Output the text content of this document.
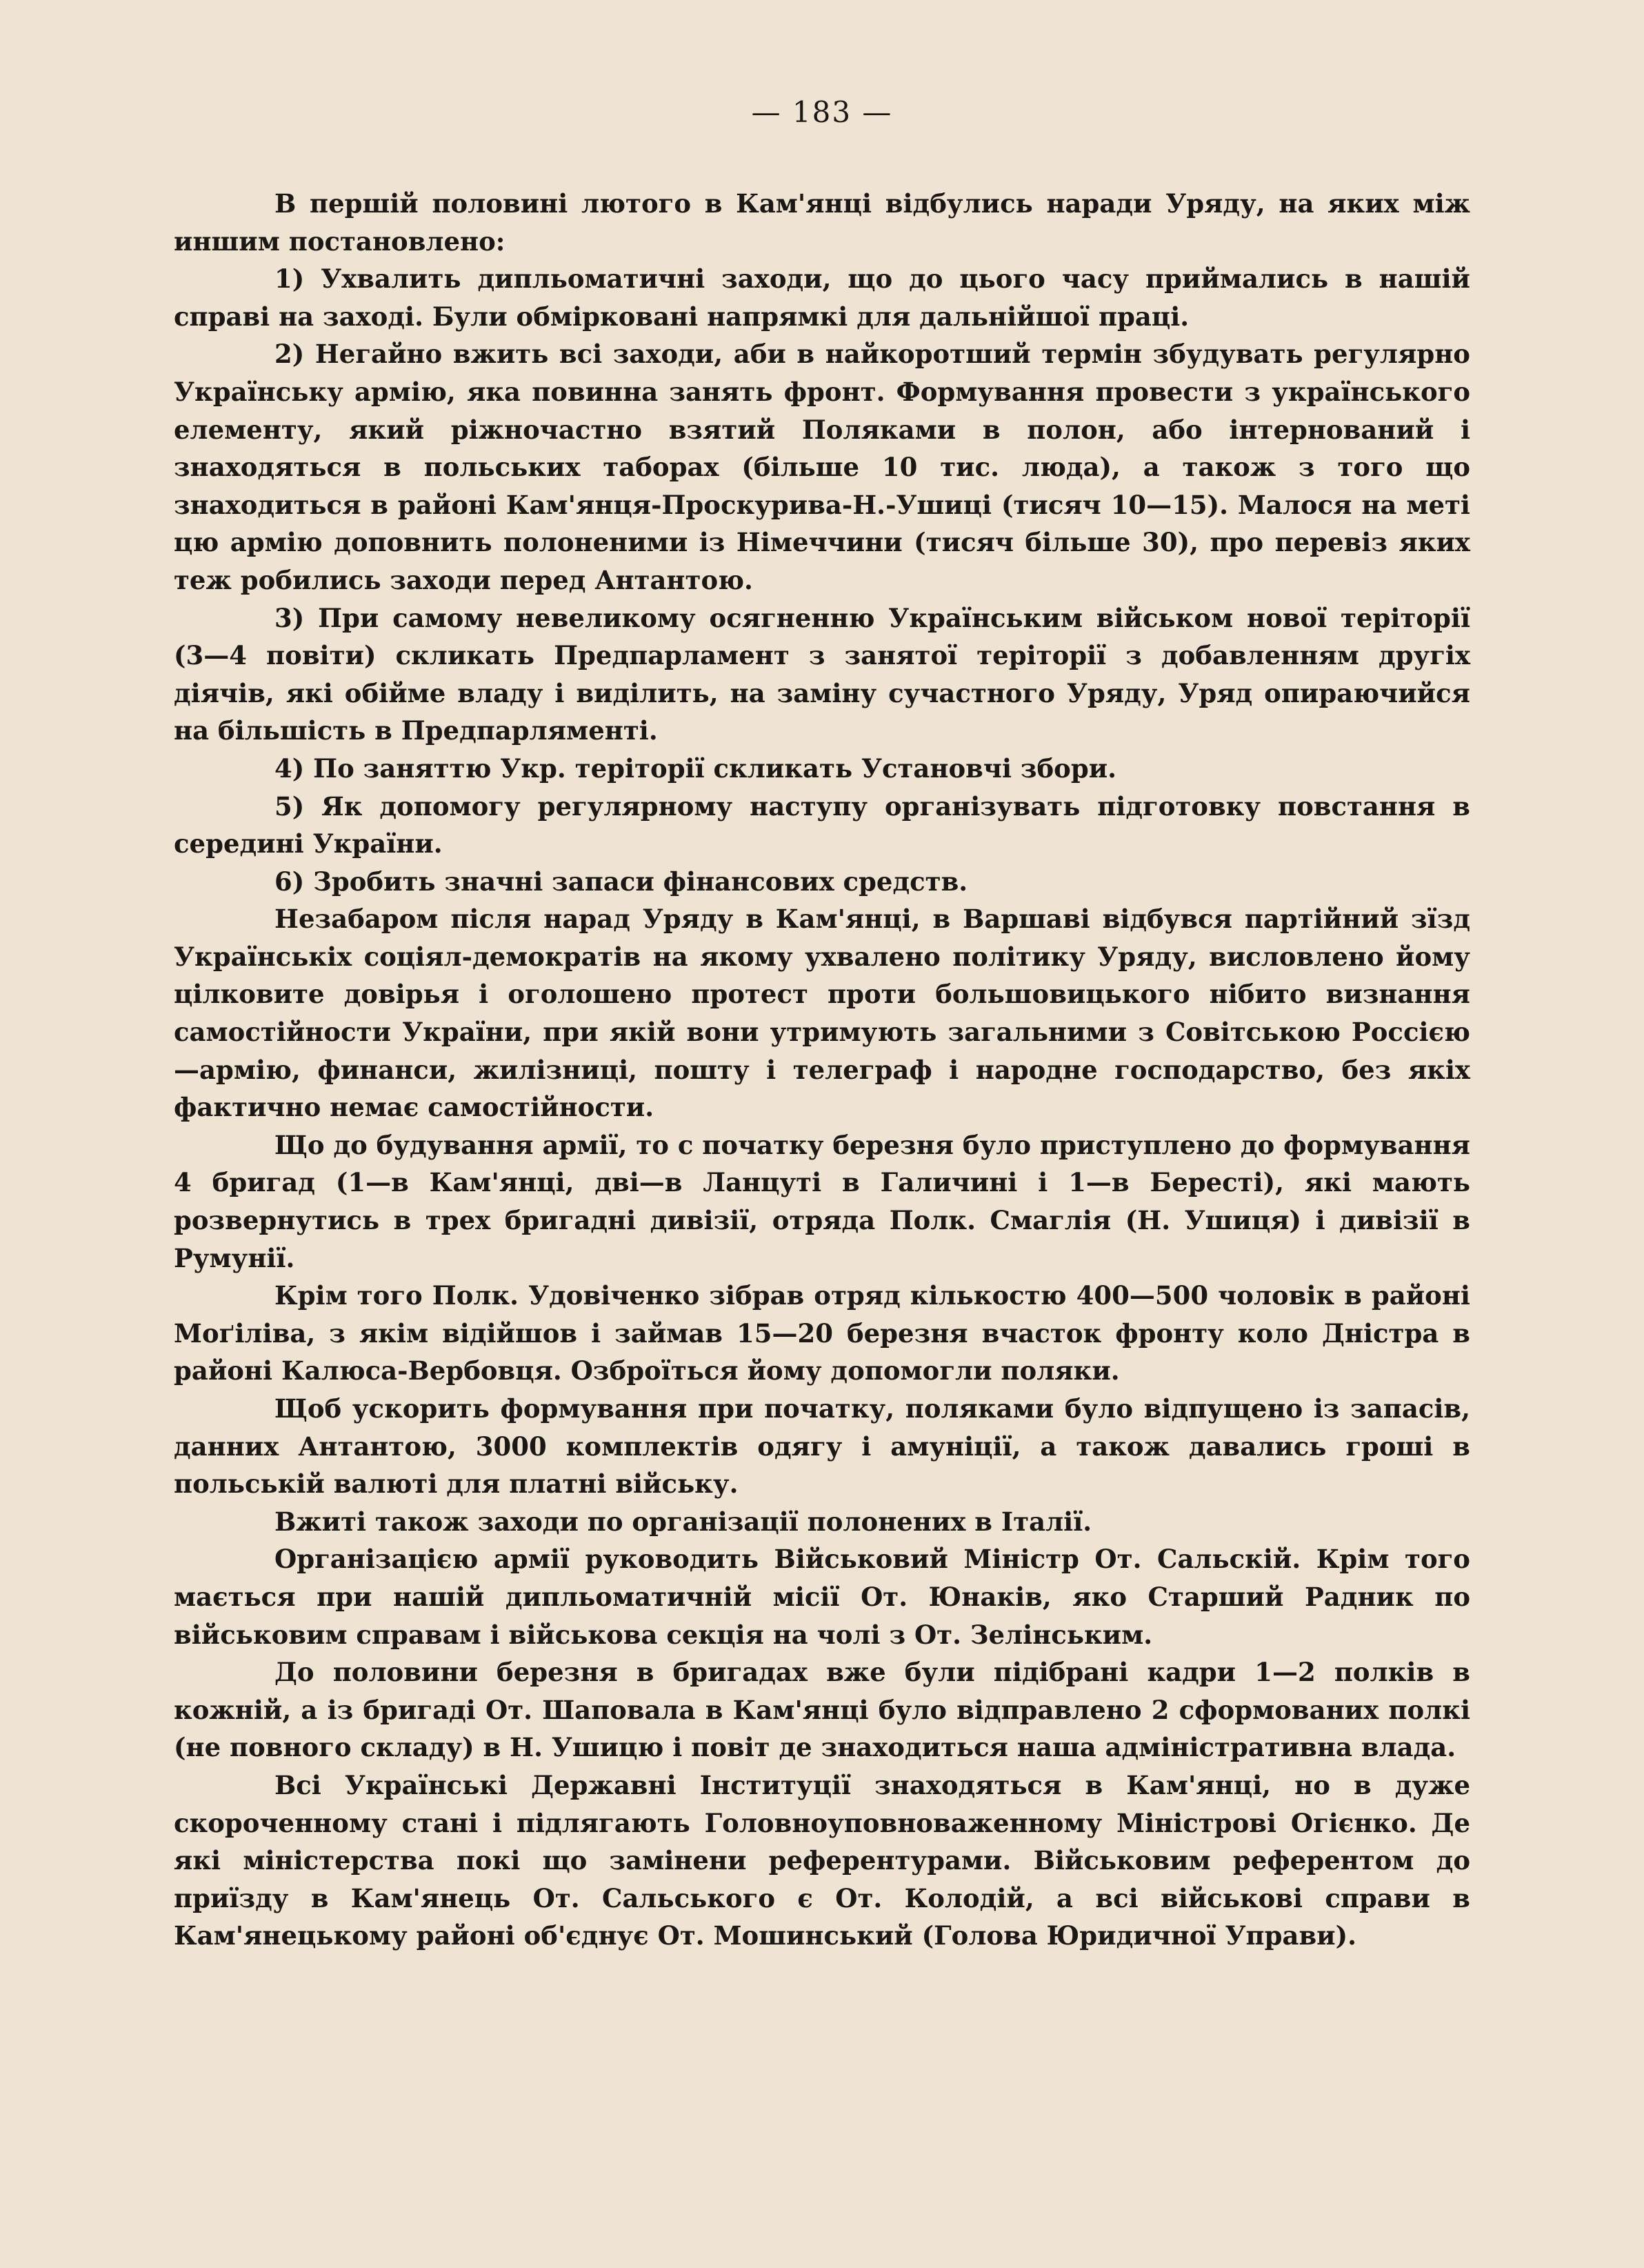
— 183 —

В першій половині лютого в Кам'янці відбулись наради Уряду, на яких між иншим постановлено:

1) Ухвалить дипльоматичні заходи, що до цього часу приймались в нашій справі на заході. Були обмірковані напрямкі для дальнійшої праці.

2) Негайно вжить всі заходи, аби в найкоротший термін збудувать регулярно Українську армію, яка повинна занять фронт. Формування провести з українського елементу, який ріжночастно взятий Поляками в полон, або інтернований і знаходяться в польських таборах (більше 10 тис. люда), а також з того що знаходиться в районі Кам'янця-Проскурива-Н.-Ушиці (тисяч 10—15). Малося на меті цю армію доповнить полоненими із Німеччини (тисяч більше 30), про перевіз яких теж робились заходи перед Антантою.

3) При самому невеликому осягненню Українським військом нової теріторії (3—4 повіти) скликать Предпарламент з занятої теріторії з добавленням другіх діячів, які обійме владу і виділить, на заміну сучастного Уряду, Уряд опираючийся на більшість в Предпарляменті.

4) По заняттю Укр. теріторії скликать Установчі збори.

5) Як допомогу регулярному наступу організувать підготовку повстання в середині України.

6) Зробить значні запаси фінансових средств.

Незабаром після нарад Уряду в Кам'янці, в Варшаві відбувся партійний зїзд Українськіх соціял-демократів на якому ухвалено політику Уряду, висловлено йому цілковите довірья і оголошено протест проти большовицького нібито визнання самостійности України, при якій вони утримують загальними з Совітською Россією—армію, финанси, жилізниці, пошту і телеграф і народне господарство, без якіх фактично немає самостійности.

Що до будування армії, то с початку березня було приступлено до формування 4 бригад (1—в Кам'янці, дві—в Ланцуті в Галичині і 1—в Бересті), які мають розвернутись в трех бригадні дивізії, отряда Полк. Смаглія (Н. Ушиця) і дивізії в Румунії.

Крім того Полк. Удовіченко зібрав отряд кількостю 400—500 чоловік в районі Моґіліва, з якім відійшов і займав 15—20 березня вчасток фронту коло Дністра в районі Калюса-Вербовця. Озброїться йому допомогли поляки.

Щоб ускорить формування при початку, поляками було відпущено із запасів, данних Антантою, 3000 комплектів одягу і амуніції, а також давались гроші в польській валюті для платні війську.

Вжиті також заходи по організації полонених в Італії.

Організацією армії руководить Військовий Міністр От. Сальскій. Крім того мається при нашій дипльоматичній місії От. Юнаків, яко Старший Радник по військовим справам і військова секція на чолі з От. Зелінським.

До половини березня в бригадах вже були підібрані кадри 1—2 полків в кожній, а із бригаді От. Шаповала в Кам'янці було відправлено 2 сформованих полкі (не повного складу) в Н. Ушицю і повіт де знаходиться наша адміністративна влада.

Всі Українські Державні Інституції знаходяться в Кам'янці, но в дуже скороченному стані і підлягають Головноуповноваженному Міністрові Огієнко. Де які міністерства покі що замінени референтурами. Військовим референтом до приїзду в Кам'янець От. Сальського є От. Колодій, а всі військові справи в Кам'янецькому районі об'єднує От. Мошинський (Голова Юридичної Управи).
